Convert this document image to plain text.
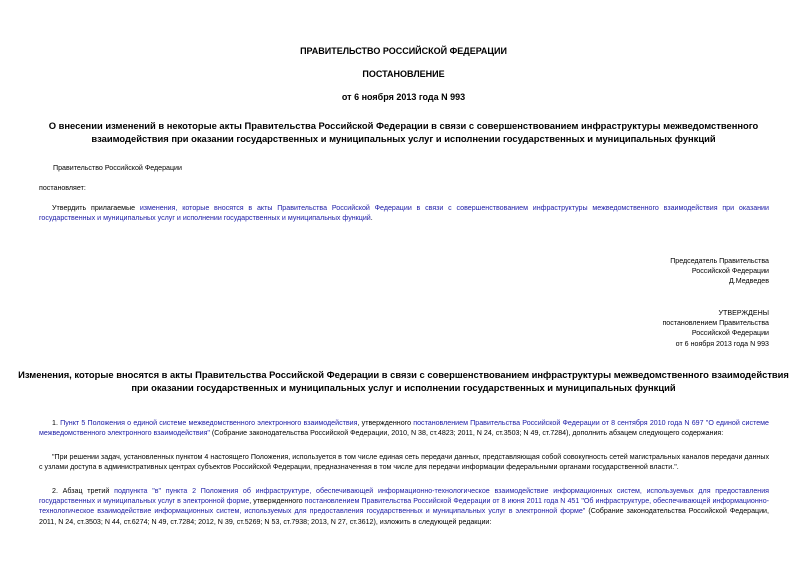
ПРАВИТЕЛЬСТВО РОССИЙСКОЙ ФЕДЕРАЦИИ
ПОСТАНОВЛЕНИЕ
от 6 ноября 2013 года N 993
О внесении изменений в некоторые акты Правительства Российской Федерации в связи с совершенствованием инфраструктуры межведомственного
взаимодействия при оказании государственных и муниципальных услуг и исполнении государственных и муниципальных функций
Правительство Российской Федерации
постановляет:
Утвердить прилагаемые изменения, которые вносятся в акты Правительства Российской Федерации в связи с совершенствованием инфраструктуры межведомственного взаимодействия при оказании государственных и муниципальных услуг и исполнении государственных и муниципальных функций.
Председатель Правительства
Российской Федерации
Д.Медведев
УТВЕРЖДЕНЫ
постановлением Правительства
Российской Федерации
от 6 ноября 2013 года N 993
Изменения, которые вносятся в акты Правительства Российской Федерации в связи с совершенствованием инфраструктуры межведомственного взаимодействия
при оказании государственных и муниципальных услуг и исполнении государственных и муниципальных функций
1. Пункт 5 Положения о единой системе межведомственного электронного взаимодействия, утвержденного постановлением Правительства Российской Федерации от 8 сентября 2010 года N 697 "О единой системе межведомственного электронного взаимодействия" (Собрание законодательства Российской Федерации, 2010, N 38, ст.4823; 2011, N 24, ст.3503; N 49, ст.7284), дополнить абзацем следующего содержания:
"При решении задач, установленных пунктом 4 настоящего Положения, используется в том числе единая сеть передачи данных, представляющая собой совокупность сетей магистральных каналов передачи данных с узлами доступа в административных центрах субъектов Российской Федерации, предназначенная в том числе для передачи информации федеральными органами государственной власти.".
2. Абзац третий подпункта "в" пункта 2 Положения об инфраструктуре, обеспечивающей информационно-технологическое взаимодействие информационных систем, используемых для предоставления государственных и муниципальных услуг в электронной форме, утвержденного постановлением Правительства Российской Федерации от 8 июня 2011 года N 451 "Об инфраструктуре, обеспечивающей информационно-технологическое взаимодействие информационных систем, используемых для предоставления государственных и муниципальных услуг в электронной форме" (Собрание законодательства Российской Федерации, 2011, N 24, ст.3503; N 44, ст.6274; N 49, ст.7284; 2012, N 39, ст.5269; N 53, ст.7938; 2013, N 27, ст.3612), изложить в следующей редакции:
